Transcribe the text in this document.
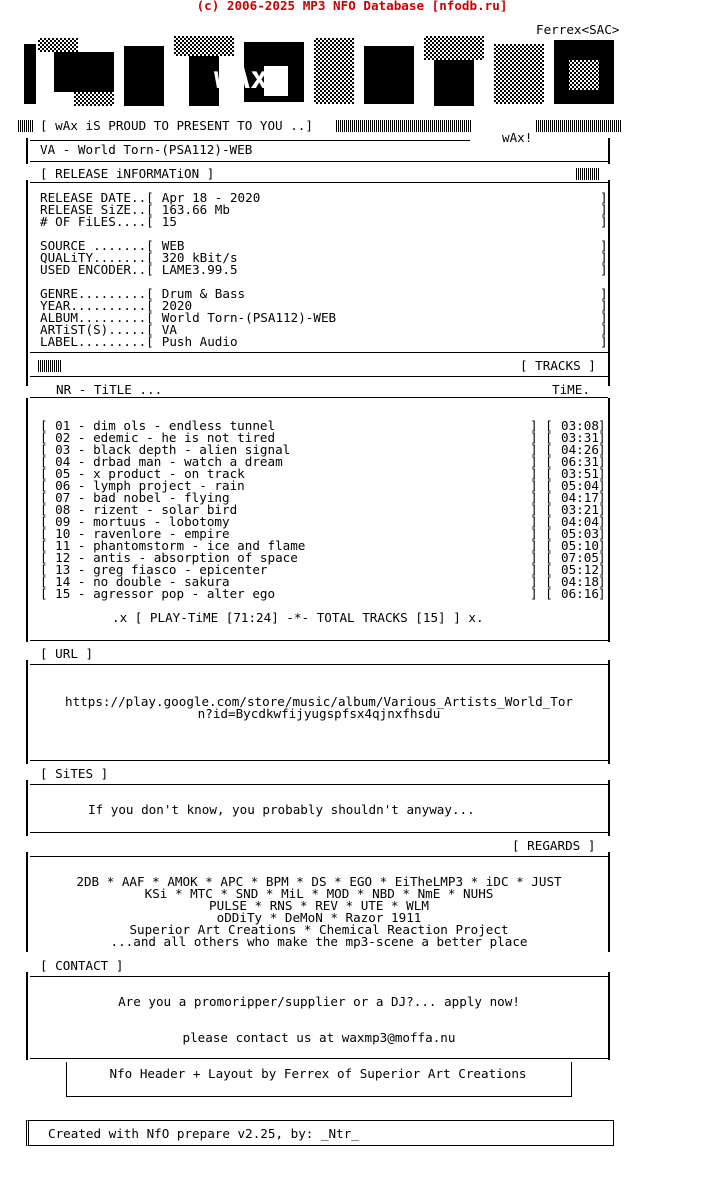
(c) 2006-2025 MP3 NFO Database [nfodb.ru]
wAx
Ferrex<SAC>
[ wAx iS PROUD TO PRESENT TO YOU ..]
wAx!
VA - World Torn-(PSA112)-WEB
[ RELEASE iNFORMATiON ]
RELEASE DATE..[ Apr 18 - 2020	]
RELEASE SiZE..[ 163.66 Mb	]
# OF FiLES....[ 15	]
SOURCE .......[ WEB	]
QUALiTY.......[ 320 kBit/s	]
USED ENCODER..[ LAME3.99.5	]
GENRE.........[ Drum & Bass	]
YEAR..........[ 2020	]
ALBUM.........[ World Torn-(PSA112)-WEB	]
ARTiST(S).....[ VA	]
LABEL.........[ Push Audio	]
[ TRACKS ]
NR - TiTLE ...	TiME.
[ 01 - dim ols - endless tunnel	] [ 03:08 ]
[ 02 - edemic - he is not tired	] [ 03:31 ]
[ 03 - black depth - alien signal	] [ 04:26 ]
[ 04 - drbad man - watch a dream	] [ 06:31 ]
[ 05 - x product - on track	] [ 03:51 ]
[ 06 - lymph project - rain	] [ 05:04 ]
[ 07 - bad nobel - flying	] [ 04:17 ]
[ 08 - rizent - solar bird	] [ 03:21 ]
[ 09 - mortuus - lobotomy	] [ 04:04 ]
[ 10 - ravenlore - empire	] [ 05:03 ]
[ 11 - phantomstorm - ice and flame	] [ 05:10 ]
[ 12 - antis - absorption of space	] [ 07:05 ]
[ 13 - greg fiasco - epicenter	] [ 05:12 ]
[ 14 - no double - sakura	] [ 04:18 ]
[ 15 - agressor pop - alter ego	] [ 06:16 ]
.x [ PLAY-TiME [71:24] -*- TOTAL TRACKS [15] ] x.
[ URL ]
https://play.google.com/store/music/album/Various_Artists_World_Tor
n?id=Bycdkwfijyugspfsx4qjnxfhsdu
[ SiTES ]
If you don't know, you probably shouldn't anyway...
[ REGARDS ]
2DB * AAF * AMOK * APC * BPM * DS * EGO * EiTheLMP3 * iDC * JUST
KSi * MTC * SND * MiL * MOD * NBD * NmE * NUHS
PULSE * RNS * REV * UTE * WLM
oDDiTy * DeMoN * Razor 1911
Superior Art Creations * Chemical Reaction Project
...and all others who make the mp3-scene a better place
[ CONTACT ]
Are you a promoripper/supplier or a DJ?... apply now!
please contact us at waxmp3@moffa.nu
Nfo Header + Layout by Ferrex of Superior Art Creations
Created with NfO prepare v2.25, by: _Ntr_
